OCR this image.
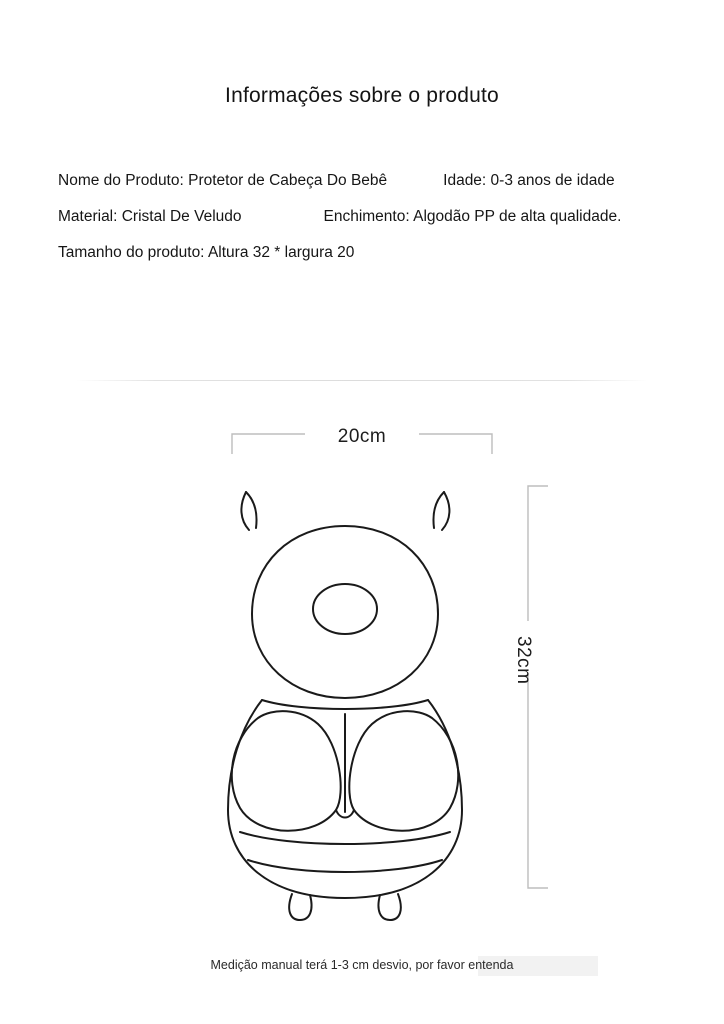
Informações sobre o produto
Nome do Produto: Protetor de Cabeça Do Bebê	Idade: 0-3 anos de idade
Material: Cristal De Veludo	Enchimento: Algodão PP de alta qualidade.
Tamanho do produto: Altura 32 * largura 20
20cm
32cm
Medição manual terá 1-3 cm desvio, por favor entenda
